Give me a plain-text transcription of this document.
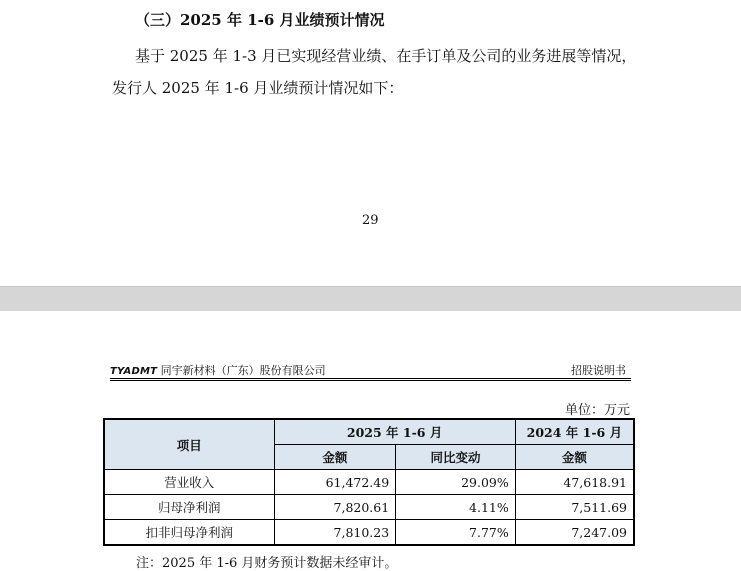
（三）2025 年 1-6 月业绩预计情况
基于 2025 年 1-3 月已实现经营业绩、在手订单及公司的业务进展等情况，
发行人 2025 年 1-6 月业绩预计情况如下：
29
TYADMT 同宇新材料（广东）股份有限公司	招股说明书
单位：万元
项目	2025 年 1-6 月		2024 年 1-6 月
	金额	同比变动	金额
营业收入	61,472.49	29.09%	47,618.91
归母净利润	7,820.61	4.11%	7,511.69
扣非归母净利润	7,810.23	7.77%	7,247.09
注：2025 年 1-6 月财务预计数据未经审计。
